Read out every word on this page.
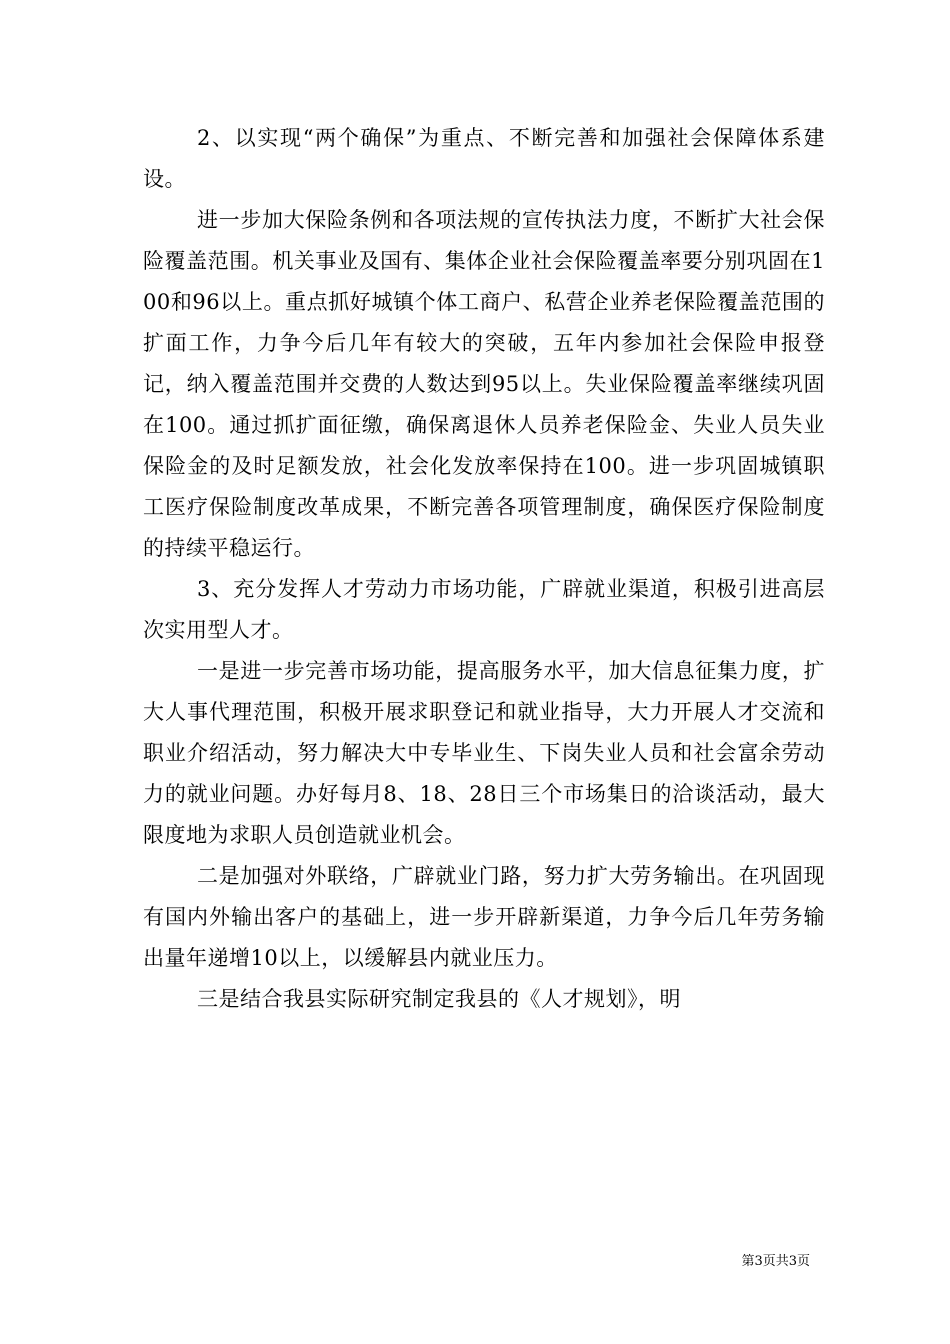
2、以实现“两个确保”为重点、不断完善和加强社会保障体系建设。

进一步加大保险条例和各项法规的宣传执法力度，不断扩大社会保险覆盖范围。机关事业及国有、集体企业社会保险覆盖率要分别巩固在100和96以上。重点抓好城镇个体工商户、私营企业养老保险覆盖范围的扩面工作，力争今后几年有较大的突破，五年内参加社会保险申报登记，纳入覆盖范围并交费的人数达到95以上。失业保险覆盖率继续巩固在100。通过抓扩面征缴，确保离退休人员养老保险金、失业人员失业保险金的及时足额发放，社会化发放率保持在100。进一步巩固城镇职工医疗保险制度改革成果，不断完善各项管理制度，确保医疗保险制度的持续平稳运行。

3、充分发挥人才劳动力市场功能，广辟就业渠道，积极引进高层次实用型人才。

一是进一步完善市场功能，提高服务水平，加大信息征集力度，扩大人事代理范围，积极开展求职登记和就业指导，大力开展人才交流和职业介绍活动，努力解决大中专毕业生、下岗失业人员和社会富余劳动力的就业问题。办好每月8、18、28日三个市场集日的洽谈活动，最大限度地为求职人员创造就业机会。

二是加强对外联络，广辟就业门路，努力扩大劳务输出。在巩固现有国内外输出客户的基础上，进一步开辟新渠道，力争今后几年劳务输出量年递增10以上，以缓解县内就业压力。

三是结合我县实际研究制定我县的《人才规划》，明

第3页共3页
